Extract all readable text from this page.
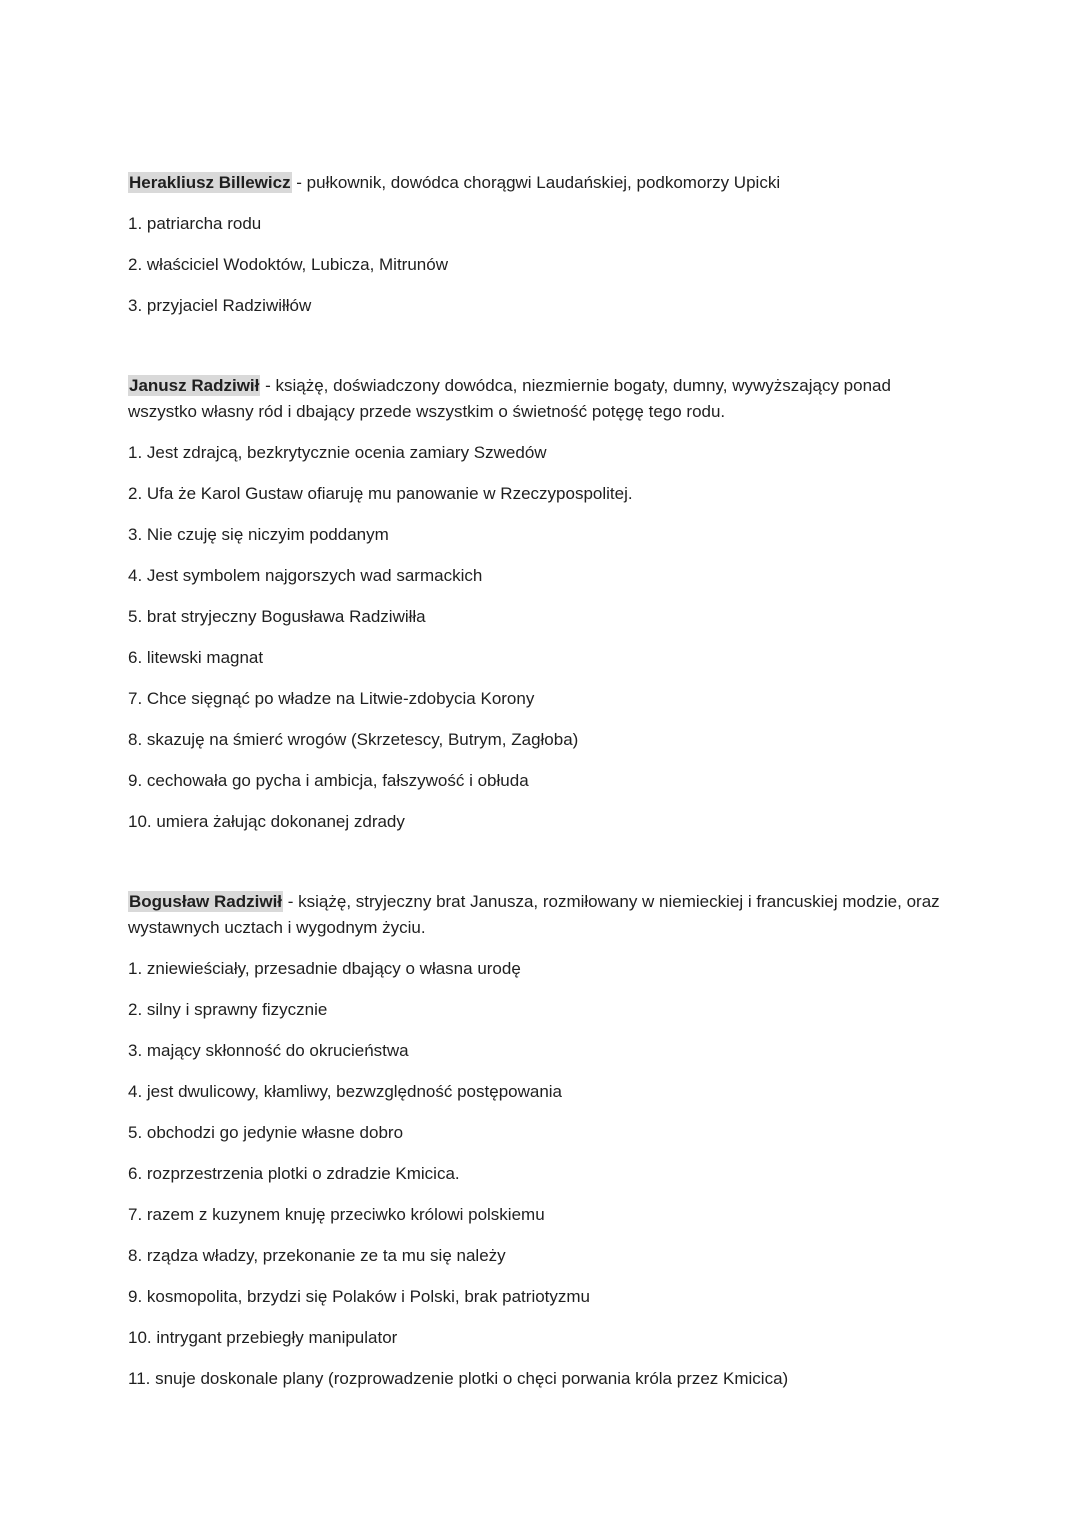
Herakliusz Billewicz - pułkownik, dowódca chorągwi Laudańskiej, podkomorzy Upicki

1. patriarcha rodu
2. właściciel Wodoktów, Lubicza, Mitrunów
3. przyjaciel Radziwiłłów

Janusz Radziwił - książę, doświadczony dowódca, niezmiernie bogaty, dumny, wywyższający ponad wszystko własny ród i dbający przede wszystkim o świetność potęgę tego rodu.

1. Jest zdrajcą, bezkrytycznie ocenia zamiary Szwedów
2. Ufa że Karol Gustaw ofiaruję mu panowanie w Rzeczypospolitej.
3. Nie czuję się niczyim poddanym
4. Jest symbolem najgorszych wad sarmackich
5. brat stryjeczny Bogusława Radziwiłła
6. litewski magnat
7. Chce sięgnąć po władze na Litwie-zdobycia Korony
8. skazuję na śmierć wrogów (Skrzetescy, Butrym, Zagłoba)
9. cechowała go pycha i ambicja, fałszywość i obłuda
10. umiera żałując dokonanej zdrady

Bogusław Radziwił - książę, stryjeczny brat Janusza, rozmiłowany w niemieckiej i francuskiej modzie, oraz wystawnych ucztach i wygodnym życiu.

1. zniewieściały, przesadnie dbający o własna urodę
2. silny i sprawny fizycznie
3. mający skłonność do okrucieństwa
4. jest dwulicowy, kłamliwy, bezwzględność postępowania
5. obchodzi go jedynie własne dobro
6. rozprzestrzenia plotki o zdradzie Kmicica.
7. razem z kuzynem knuję przeciwko królowi polskiemu
8. rządza władzy, przekonanie ze ta mu się należy
9. kosmopolita, brzydzi się Polaków i Polski, brak patriotyzmu
10. intrygant przebiegły manipulator
11. snuje doskonale plany (rozprowadzenie plotki o chęci porwania króla przez Kmicica)
